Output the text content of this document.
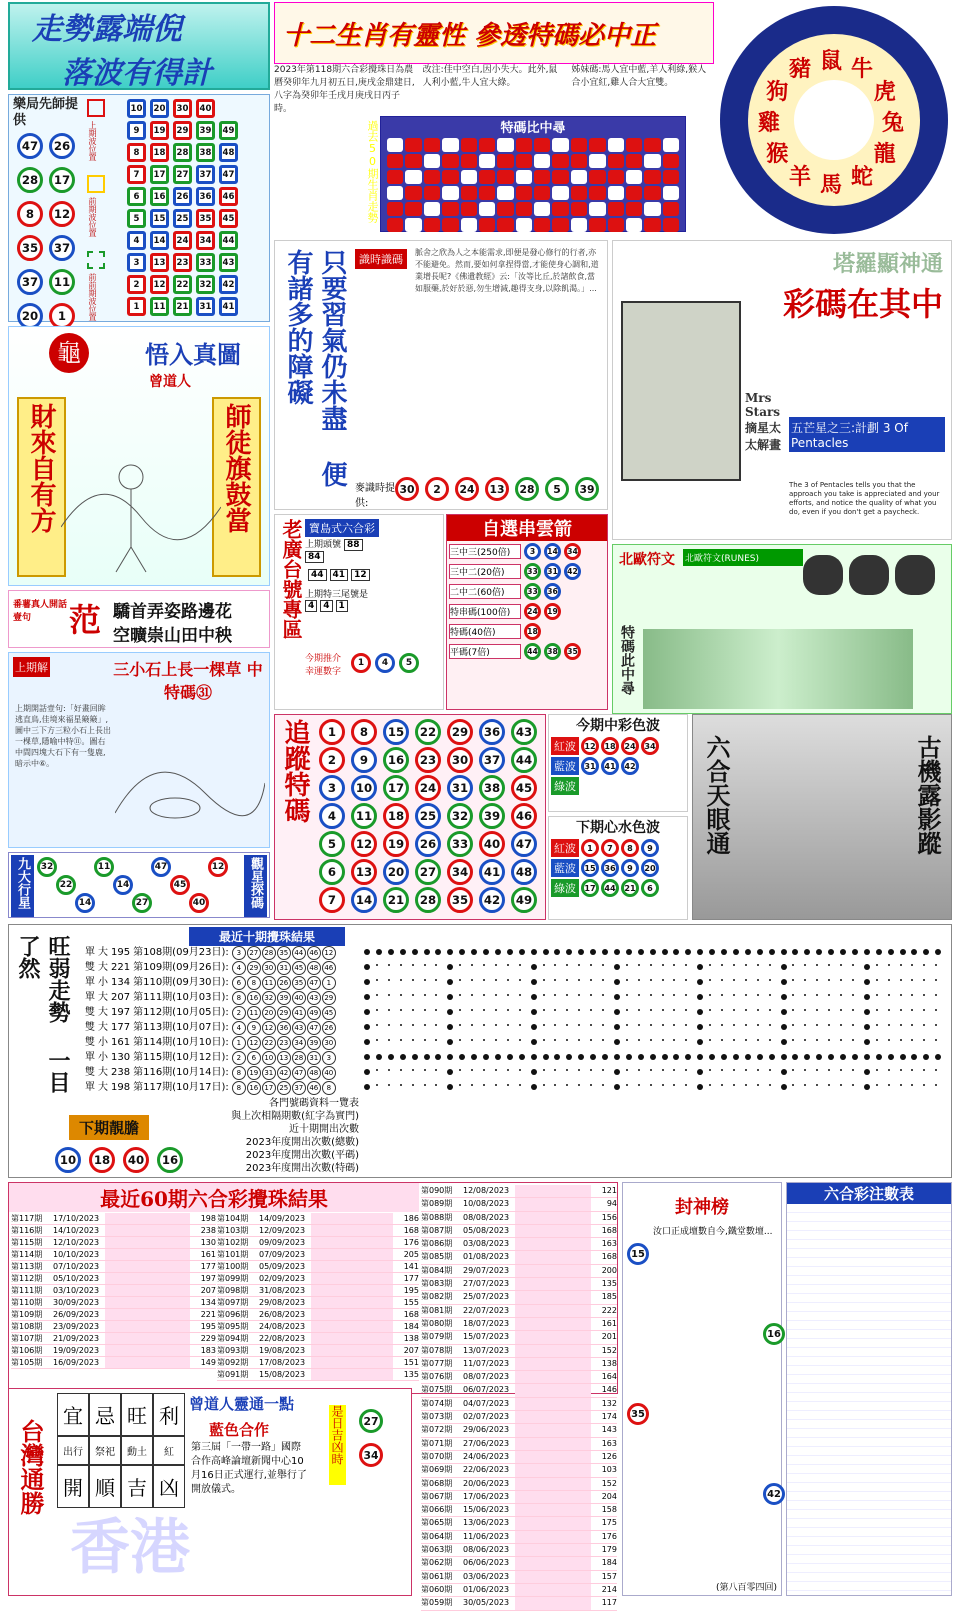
走勢露端倪
落波有得計
樂局先師提供
47 26
28 17
8 12
35 37
37 11
20 1
上期波位置
前期波位置
前前期波位置
10	20	30	40
9	19	29	39	49
8	18	28	38	48
7	17	27	37	47
6	16	26	36	46
5	15	25	35	45
4	14	24	34	44
3	13	23	33	43
2	12	22	32	42
1	11	21	31	41
十二生肖有靈性 參透特碼必中正
2023年第118期六合彩攪珠日為農曆癸卯年九月初五日,庚戌金鼎建日,八字為癸卯年壬戌月庚戌日丙子時。
改注:佳中空白,因小失大。此外,鼠人利小藍,牛人宜大綠。
姊妹碼:馬人宜中藍,羊人利綠,猴人合小宜紅,雞人合大宜雙。
特碼比中尋
過去50期生肖走勢
鼠 牛
虎
兔
龍
蛇
馬
羊
猴
雞
狗
豬
龜	悟入真圖
曾道人
財來自有方	師徒旗鼓當
番薯真人開話壹句	范 驕首弄姿路邊花
空曠崇山田中秧
上期解	三小石上長一棵草 中特碼㉛
上期開話壹句:「好畫回眸逃直鳥,佳境來福星簸簸」,圖中三下方三粒小石上長出一棵草,隱喻中特⑪。圖右中間四塊大石下有一隻鹿,暗示中⑥。
九大行星	32
22
14
11
14
27
47
45
40
12	觀星探碼
只要習氣仍未盡 便有諸多的障礙	識時識碼
脈舍之欣為人之本能需求,即便是發心修行的行者,亦不能避免。然而,要如何拿捏得當,才能使身心調和,道業增長呢?《佛遺教經》云:「汝等比丘,於諸飲食,當如服藥,於好於惡,勿生增減,趣得支身,以除飢渴。」...
麥識時提供:
30	2	24	13	28	5	39
塔羅顯神通
彩碼在其中
Mrs Stars 摘星太太解畫
五芒星之三:計劃 3 Of Pentacles
The 3 of Pentacles tells you that the approach you take is appreciated and your efforts, and notice the quality of what you do, even if you don't get a paycheck.
老廣台號專區 寶島式六合彩
上期頭號 8884
44 41 12
上期特三尾號是4 4 1
今期推介 幸運數字
1	4	5
自選串雲箭
三中三(250倍)	3	14	34
三中二(20倍)	33	31	42
二中二(60倍)	33	36
特串碼(100倍)	24	19
特碼(40倍)	18
平碼(7倍)	44	38	35
北歐符文 北歐符文(RUNES)
特碼此中尋
追蹤特碼	1	8	15	22	29	36	43
2	9	16	23	30	37	44
3	10	17	24	31	38	45
4	11	18	25	32	39	46
5	12	19	26	33	40	47
6	13	20	27	34	41	48
7	14	21	28	35	42	49
今期中彩色波
紅波	12	18	24	34
藍波	31	41	42
綠波
下期心水色波
紅波	1	7	8	9
藍波	15	36	9	20
綠波	17	44	21	6
六合天眼通	古機露影蹤
旺弱走勢 一目了然	最近十期攪珠結果
單 大 195 第108期(09月23日): 3 27 28 35 44 46 12
雙 大 221 第109期(09月26日): 4 29 30 31 45 48 46
單 小 134 第110期(09月30日): 6 8 11 26 35 47 1
單 大 207 第111期(10月03日): 8 16 32 39 40 43 29
雙 大 197 第112期(10月05日): 2 11 20 29 41 49 45
雙 大 177 第113期(10月07日): 4 9 12 36 43 47 26
雙 小 161 第114期(10月10日): 1 12 22 23 34 39 30
單 小 130 第115期(10月12日): 2 6 10 13 28 31 3
雙 大 238 第116期(10月14日): 8 19 31 42 47 48 40
單 大 198 第117期(10月17日): 8 16 17 25 37 46 8
各門號碼資料一覽表
與上次相隔期數(紅字為實門)
近十期開出次數
2023年度開出次數(總數)
2023年度開出次數(平碼)
2023年度開出次數(特碼)
下期靚膽
10	18	40	16
最近60期六合彩攪珠結果
第117期	17/10/2023	198
第116期	14/10/2023	238
第115期	12/10/2023	130
第114期	10/10/2023	161
第113期	07/10/2023	177
第112期	05/10/2023	197
第111期	03/10/2023	207
第110期	30/09/2023	134
第109期	26/09/2023	221
第108期	23/09/2023	195
第107期	21/09/2023	229
第106期	19/09/2023	183
第105期	16/09/2023	149
第104期	14/09/2023	186
第103期	12/09/2023	168
第102期	09/09/2023	176
第101期	07/09/2023	205
第100期	05/09/2023	141
第099期	02/09/2023	177
第098期	31/08/2023	195
第097期	29/08/2023	155
第096期	26/08/2023	168
第095期	24/08/2023	184
第094期	22/08/2023	138
第093期	19/08/2023	207
第092期	17/08/2023	151
第091期	15/08/2023	135
第090期	12/08/2023	121
第089期	10/08/2023	94
第088期	08/08/2023	156
第087期	05/08/2023	168
第086期	03/08/2023	163
第085期	01/08/2023	168
第084期	29/07/2023	200
第083期	27/07/2023	135
第082期	25/07/2023	185
第081期	22/07/2023	222
第080期	18/07/2023	161
第079期	15/07/2023	201
第078期	13/07/2023	152
第077期	11/07/2023	138
第076期	08/07/2023	164
第075期	06/07/2023	146
第074期	04/07/2023	132
第073期	02/07/2023	174
第072期	29/06/2023	143
第071期	27/06/2023	163
第070期	24/06/2023	126
第069期	22/06/2023	103
第068期	20/06/2023	152
第067期	17/06/2023	204
第066期	15/06/2023	158
第065期	13/06/2023	175
第064期	11/06/2023	176
第063期	08/06/2023	179
第062期	06/06/2023	184
第061期	03/06/2023	157
第060期	01/06/2023	214
第059期	30/05/2023	117
台灣通勝
宜 忌 旺 利
出行	祭祀	動土	紅
開 順 吉 凶
曾道人靈通一點
藍色合作
第三屆「一帶一路」國際合作高峰論壇新聞中心10月16日正式運行,並舉行了開放儀式。
是日吉凶時	27
34
封神榜
汝口正成壇數自今,鐵堂數壇...
15
16
35
42
(第八百零四回)
六合彩注數表
香港
